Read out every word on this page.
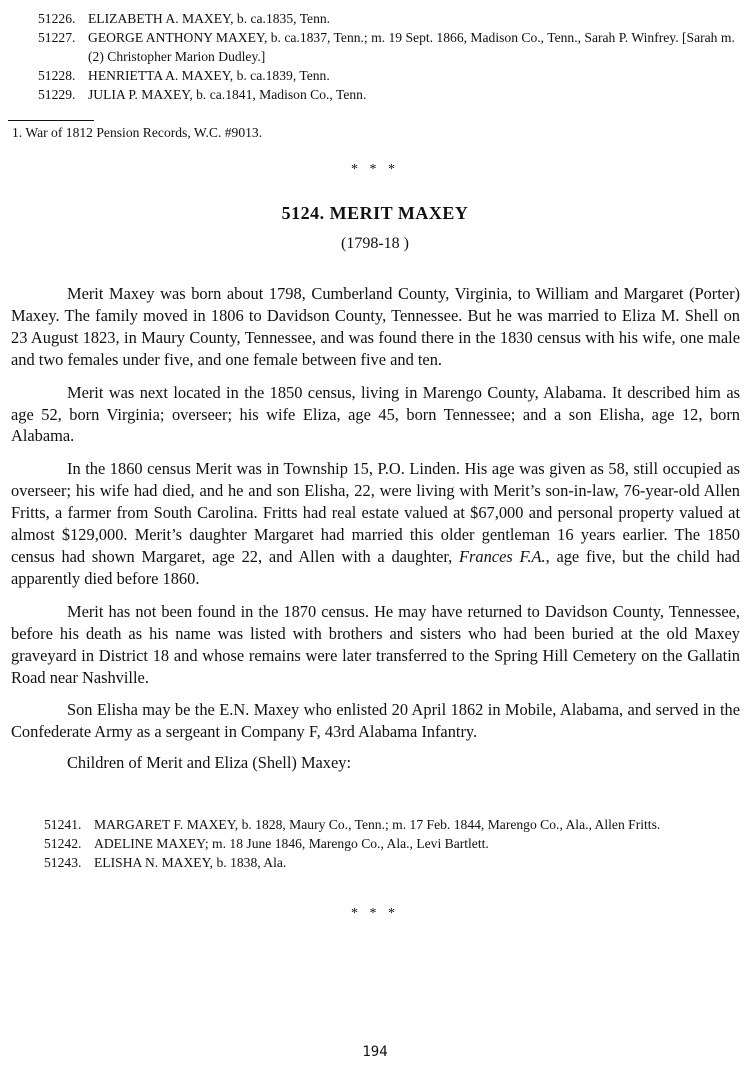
51226. ELIZABETH A. MAXEY, b. ca.1835, Tenn.
51227. GEORGE ANTHONY MAXEY, b. ca.1837, Tenn.; m. 19 Sept. 1866, Madison Co., Tenn., Sarah P. Winfrey. [Sarah m. (2) Christopher Marion Dudley.]
51228. HENRIETTA A. MAXEY, b. ca.1839, Tenn.
51229. JULIA P. MAXEY, b. ca.1841, Madison Co., Tenn.
1. War of 1812 Pension Records, W.C. #9013.
* * *
5124. MERIT MAXEY
(1798-18 )

Merit Maxey was born about 1798, Cumberland County, Virginia, to William and Margaret (Porter) Maxey. The family moved in 1806 to Davidson County, Tennessee. But he was married to Eliza M. Shell on 23 August 1823, in Maury County, Tennessee, and was found there in the 1830 census with his wife, one male and two females under five, and one female between five and ten.

Merit was next located in the 1850 census, living in Marengo County, Alabama. It described him as age 52, born Virginia; overseer; his wife Eliza, age 45, born Tennessee; and a son Elisha, age 12, born Alabama.

In the 1860 census Merit was in Township 15, P.O. Linden. His age was given as 58, still occupied as overseer; his wife had died, and he and son Elisha, 22, were living with Merit’s son-in-law, 76-year-old Allen Fritts, a farmer from South Carolina. Fritts had real estate valued at $67,000 and personal property valued at almost $129,000. Merit’s daughter Margaret had married this older gentleman 16 years earlier. The 1850 census had shown Margaret, age 22, and Allen with a daughter, Frances F.A., age five, but the child had apparently died before 1860.

Merit has not been found in the 1870 census. He may have returned to Davidson County, Tennessee, before his death as his name was listed with brothers and sisters who had been buried at the old Maxey graveyard in District 18 and whose remains were later transferred to the Spring Hill Cemetery on the Gallatin Road near Nashville.

Son Elisha may be the E.N. Maxey who enlisted 20 April 1862 in Mobile, Alabama, and served in the Confederate Army as a sergeant in Company F, 43rd Alabama Infantry.

Children of Merit and Eliza (Shell) Maxey:

51241. MARGARET F. MAXEY, b. 1828, Maury Co., Tenn.; m. 17 Feb. 1844, Marengo Co., Ala., Allen Fritts.
51242. ADELINE MAXEY; m. 18 June 1846, Marengo Co., Ala., Levi Bartlett.
51243. ELISHA N. MAXEY, b. 1838, Ala.
* * *
194
